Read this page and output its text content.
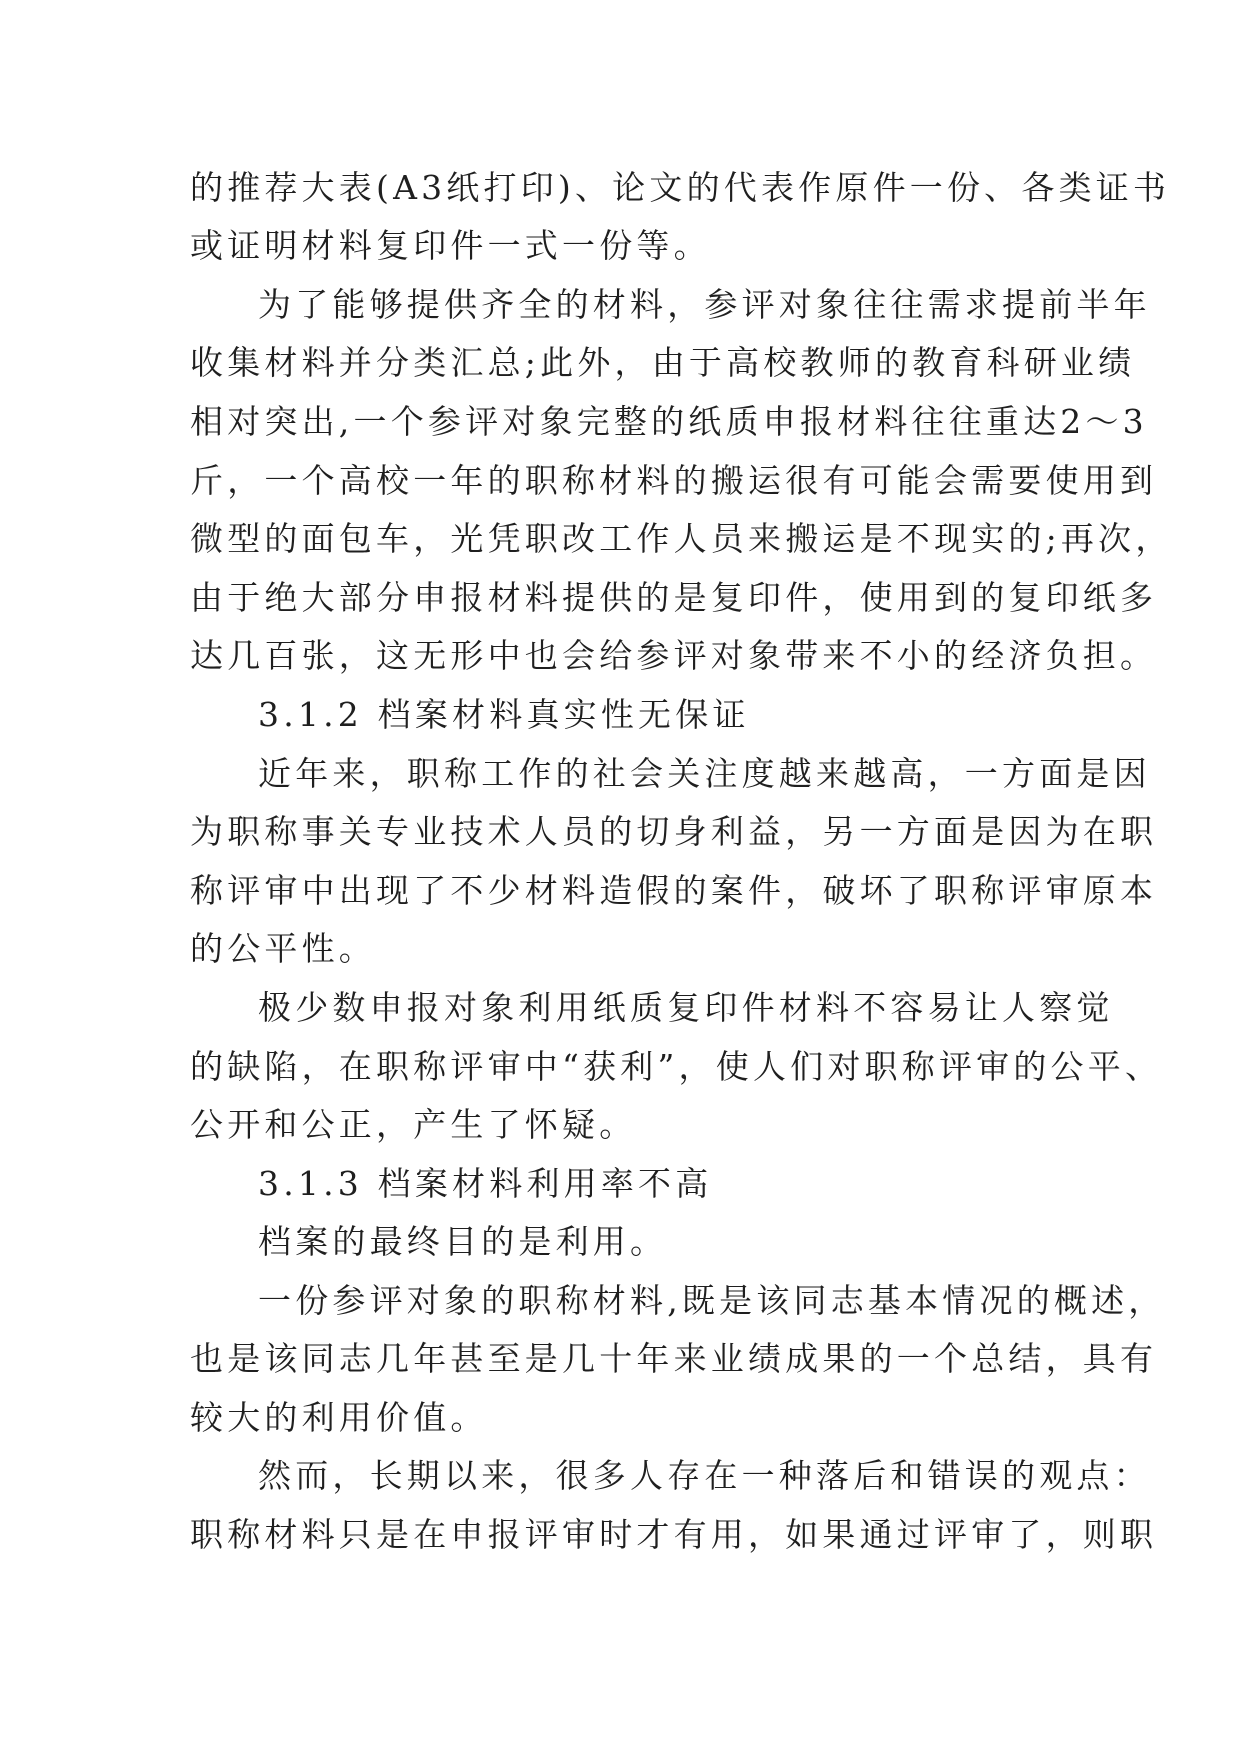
的推荐大表(A3纸打印)、论文的代表作原件一份、各类证书
或证明材料复印件一式一份等。
为了能够提供齐全的材料，参评对象往往需求提前半年
收集材料并分类汇总;此外，由于高校教师的教育科研业绩
相对突出,一个参评对象完整的纸质申报材料往往重达2～3
斤，一个高校一年的职称材料的搬运很有可能会需要使用到
微型的面包车，光凭职改工作人员来搬运是不现实的;再次，
由于绝大部分申报材料提供的是复印件，使用到的复印纸多
达几百张，这无形中也会给参评对象带来不小的经济负担。
3.1.2 档案材料真实性无保证
近年来，职称工作的社会关注度越来越高，一方面是因
为职称事关专业技术人员的切身利益，另一方面是因为在职
称评审中出现了不少材料造假的案件，破坏了职称评审原本
的公平性。
极少数申报对象利用纸质复印件材料不容易让人察觉
的缺陷，在职称评审中“获利”，使人们对职称评审的公平、
公开和公正，产生了怀疑。
3.1.3 档案材料利用率不高
档案的最终目的是利用。
一份参评对象的职称材料,既是该同志基本情况的概述，
也是该同志几年甚至是几十年来业绩成果的一个总结，具有
较大的利用价值。
然而，长期以来，很多人存在一种落后和错误的观点：
职称材料只是在申报评审时才有用，如果通过评审了，则职
